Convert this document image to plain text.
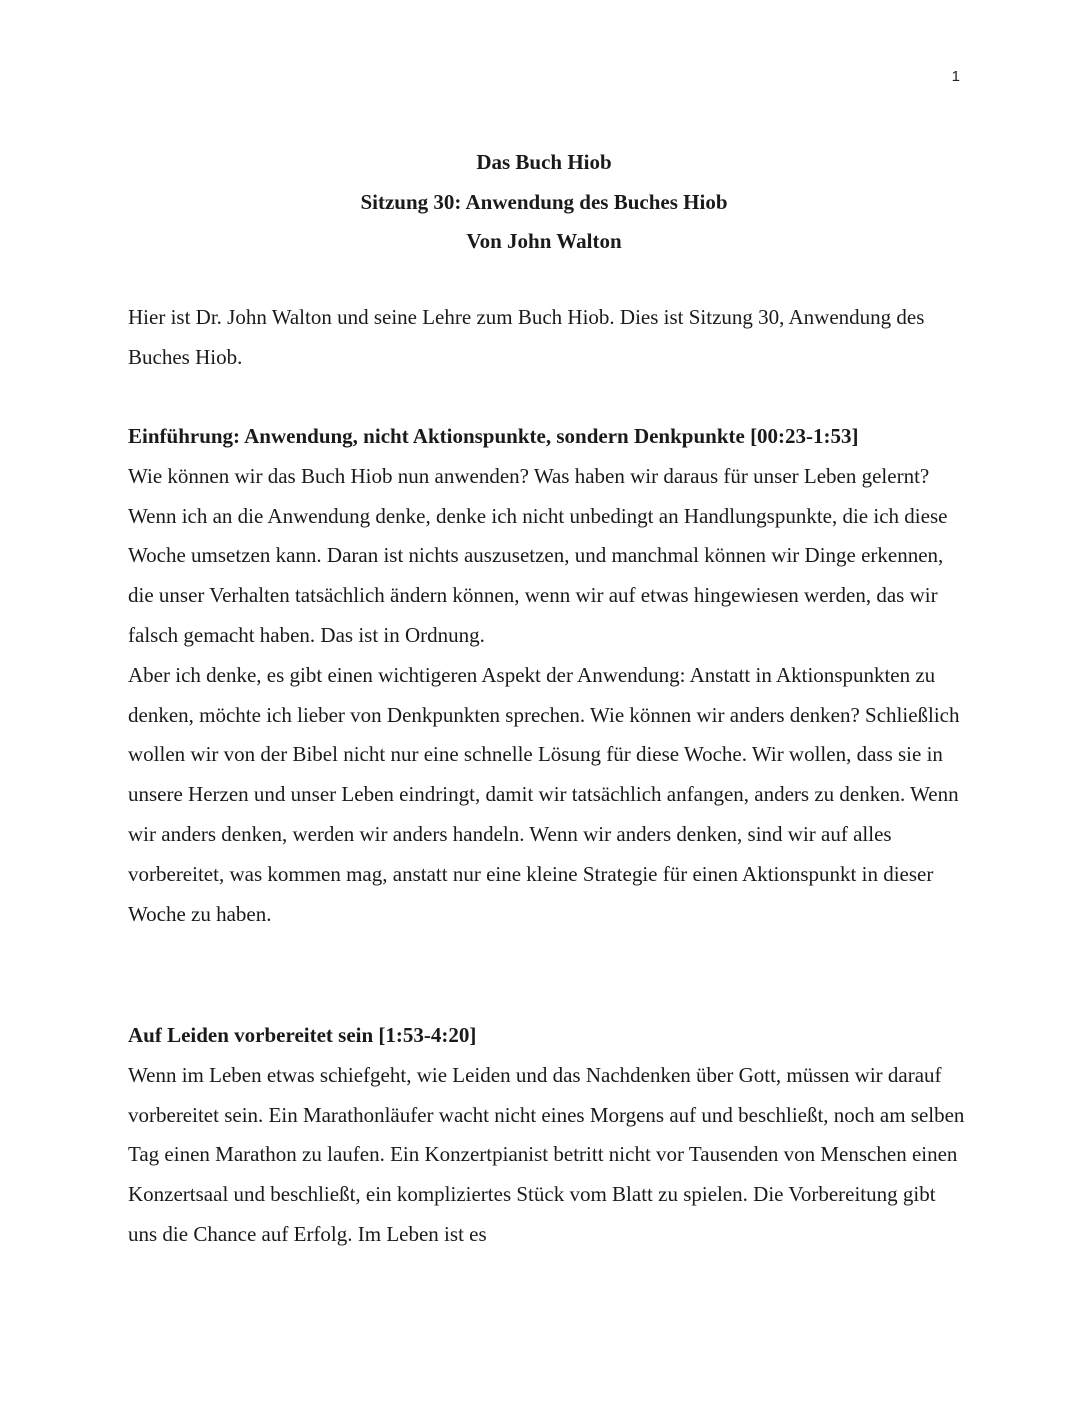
1
Das Buch Hiob
Sitzung 30: Anwendung des Buches Hiob
Von John Walton

Hier ist Dr. John Walton und seine Lehre zum Buch Hiob. Dies ist Sitzung 30, Anwendung des Buches Hiob.

Einführung: Anwendung, nicht Aktionspunkte, sondern Denkpunkte [00:23-1:53]

Wie können wir das Buch Hiob nun anwenden? Was haben wir daraus für unser Leben gelernt? Wenn ich an die Anwendung denke, denke ich nicht unbedingt an Handlungspunkte, die ich diese Woche umsetzen kann. Daran ist nichts auszusetzen, und manchmal können wir Dinge erkennen, die unser Verhalten tatsächlich ändern können, wenn wir auf etwas hingewiesen werden, das wir falsch gemacht haben. Das ist in Ordnung.

Aber ich denke, es gibt einen wichtigeren Aspekt der Anwendung: Anstatt in Aktionspunkten zu denken, möchte ich lieber von Denkpunkten sprechen. Wie können wir anders denken? Schließlich wollen wir von der Bibel nicht nur eine schnelle Lösung für diese Woche. Wir wollen, dass sie in unsere Herzen und unser Leben eindringt, damit wir tatsächlich anfangen, anders zu denken. Wenn wir anders denken, werden wir anders handeln. Wenn wir anders denken, sind wir auf alles vorbereitet, was kommen mag, anstatt nur eine kleine Strategie für einen Aktionspunkt in dieser Woche zu haben.

Auf Leiden vorbereitet sein [1:53-4:20]

Wenn im Leben etwas schiefgeht, wie Leiden und das Nachdenken über Gott, müssen wir darauf vorbereitet sein. Ein Marathonläufer wacht nicht eines Morgens auf und beschließt, noch am selben Tag einen Marathon zu laufen. Ein Konzertpianist betritt nicht vor Tausenden von Menschen einen Konzertsaal und beschließt, ein kompliziertes Stück vom Blatt zu spielen. Die Vorbereitung gibt uns die Chance auf Erfolg. Im Leben ist es
